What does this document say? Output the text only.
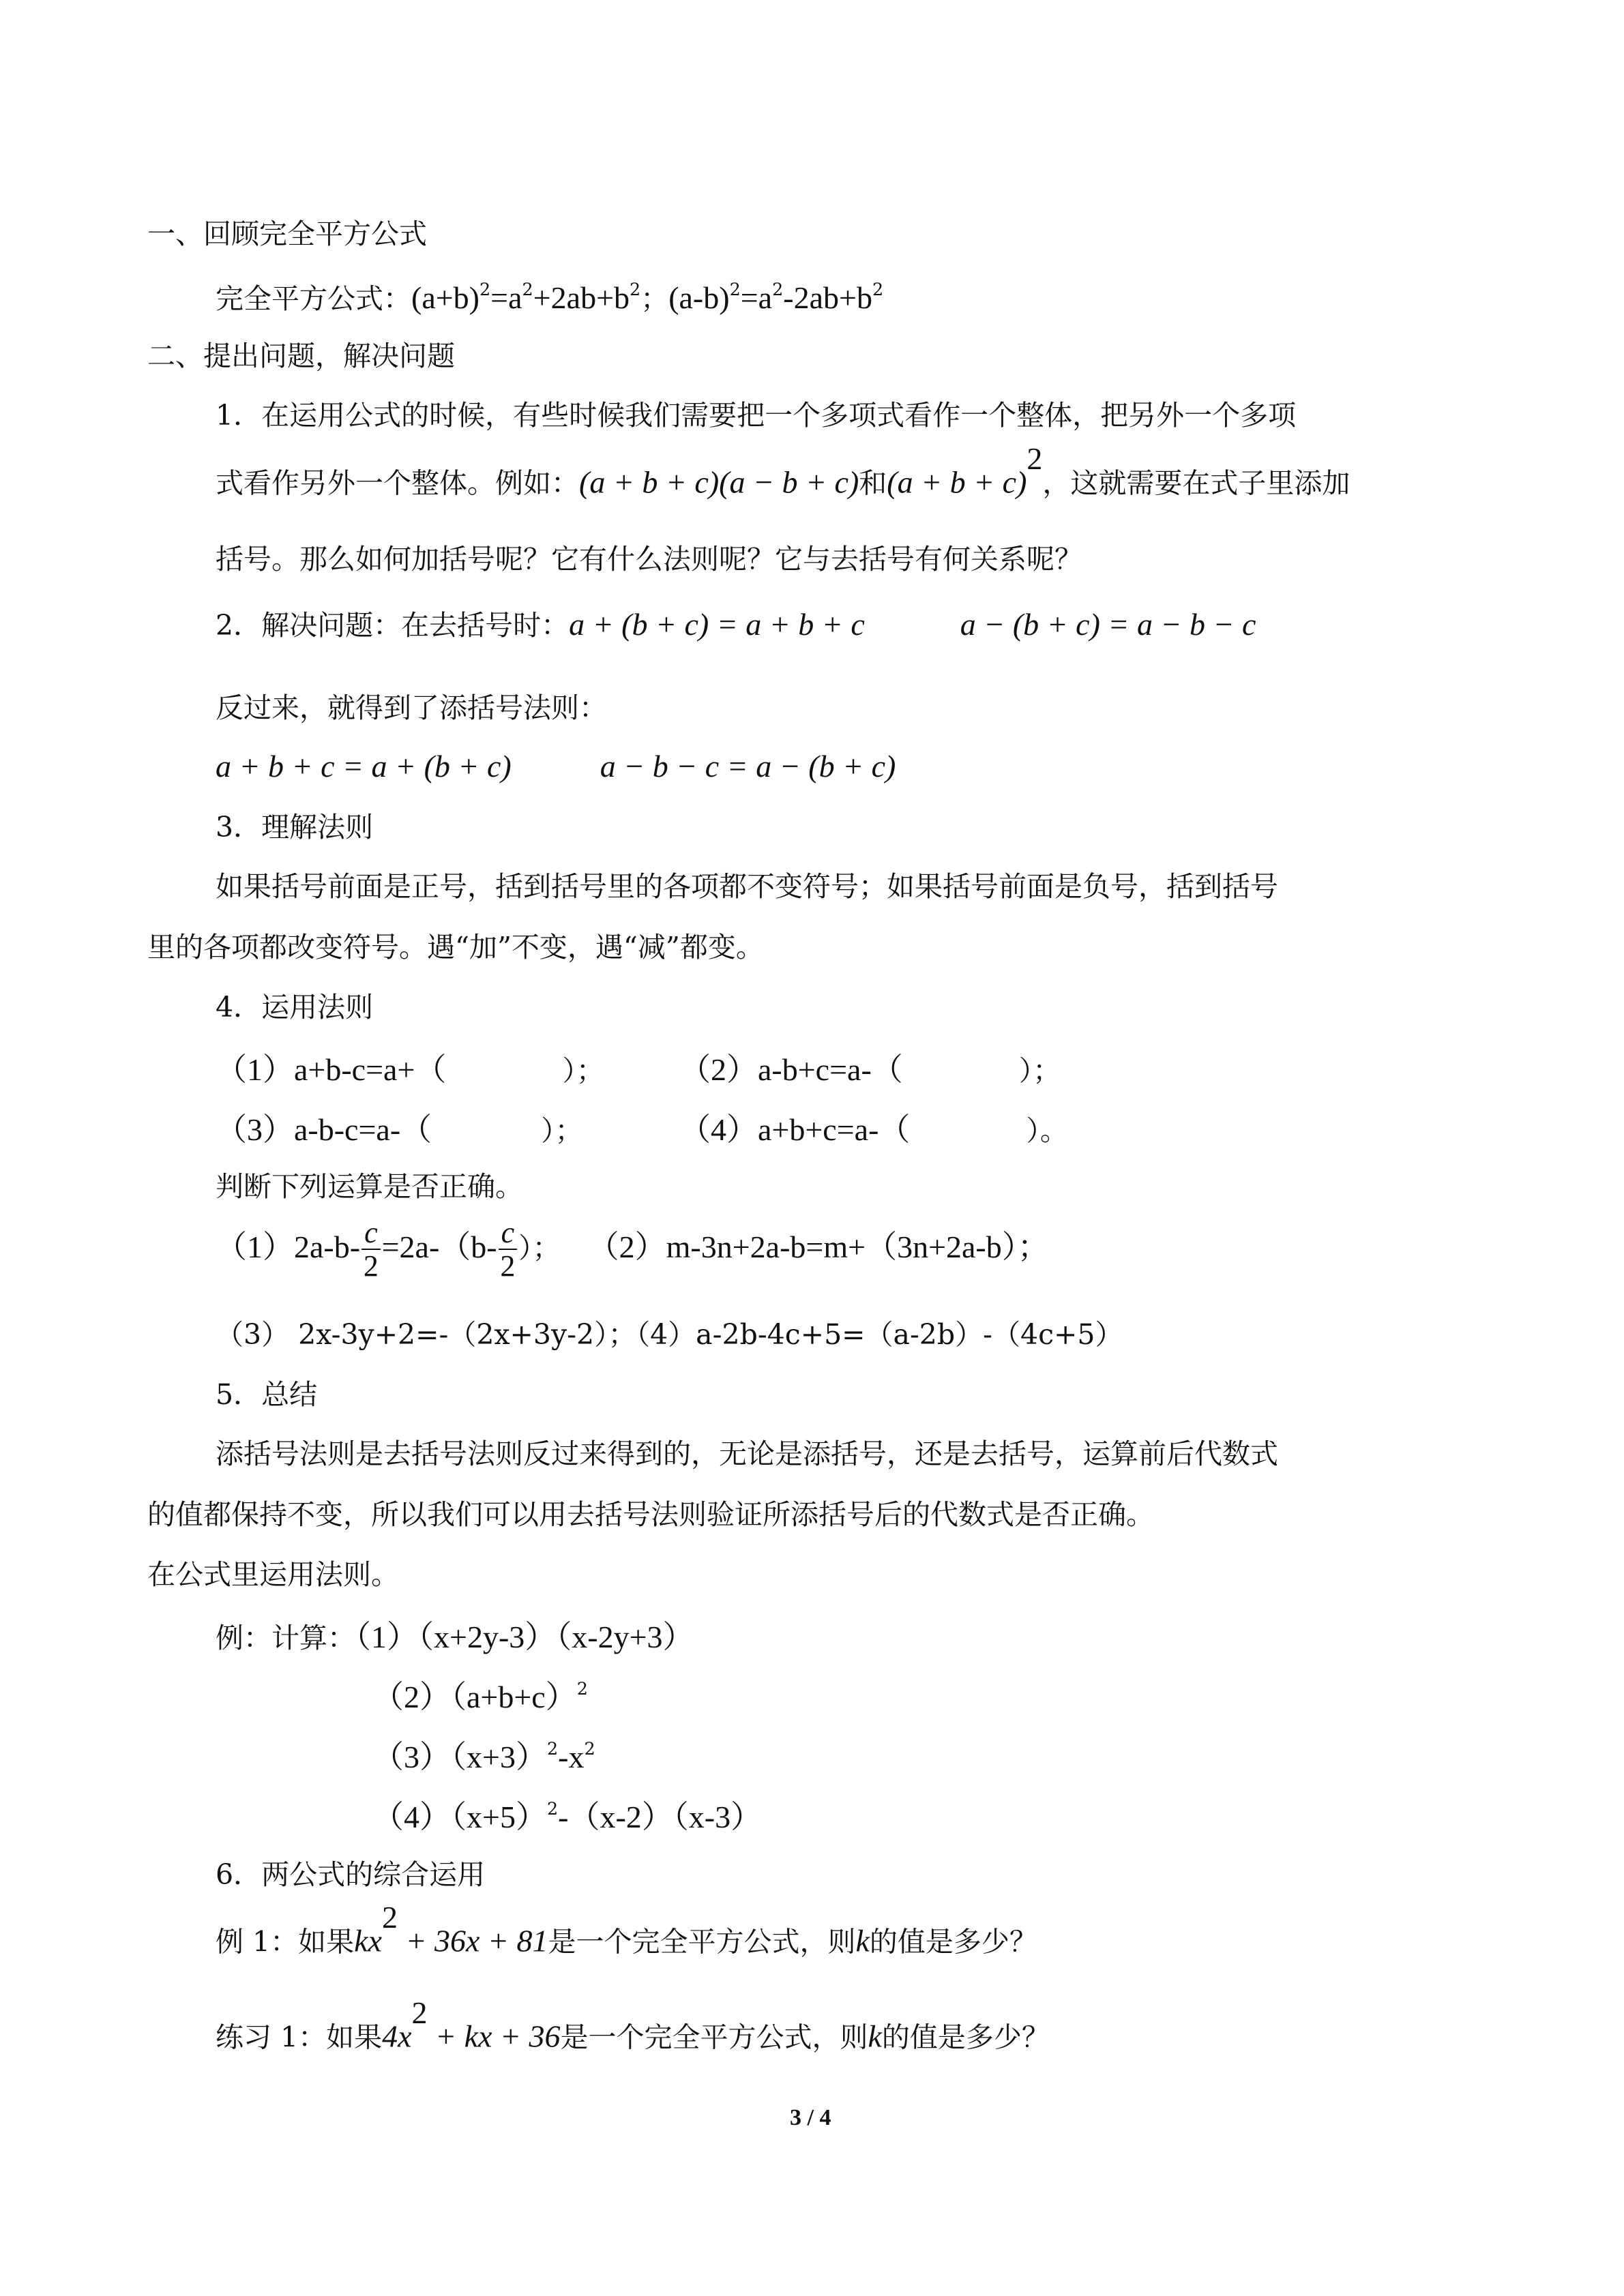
一、回顾完全平方公式
完全平方公式：$(a+b)^2=a^2+2ab+b^2$；$(a-b)^2=a^2-2ab+b^2$
二、提出问题，解决问题
1．在运用公式的时候，有些时候我们需要把一个多项式看作一个整体，把另外一个多项
式看作另外一个整体。例如：(a + b + c)(a − b + c)和$(a + b + c)^2$，这就需要在式子里添加
括号。那么如何加括号呢？它有什么法则呢？它与去括号有何关系呢？
2．解决问题：在去括号时：a + (b + c) = a + b + c	a − (b + c) = a − b − c
反过来，就得到了添括号法则：
a + b + c = a + (b + c)	a − b − c = a − (b + c)
3．理解法则
如果括号前面是正号，括到括号里的各项都不变符号；如果括号前面是负号，括到括号
里的各项都改变符号。遇“加”不变，遇“减”都变。
4．运用法则
（1）a+b-c=a+（	）； （2）a-b+c=a-（	）；
（3）a-b-c=a-（	）；	（4）a+b+c=a-（	）。
判断下列运算是否正确。
$(1)2a-b- \frac{c}{2} =2a-(b- \frac{c}{2}$ ）； （2）m-3n+2a-b=m+（3n+2a-b）；
（3） 2x-3y+2=-（2x+3y-2）；（4）a-2b-4c+5=（a-2b）-（4c+5）
5．总结
添括号法则是去括号法则反过来得到的，无论是添括号，还是去括号，运算前后代数式
的值都保持不变，所以我们可以用去括号法则验证所添括号后的代数式是否正确。
在公式里运用法则。
例：计算：（1）（x+2y-3）（x-2y+3）
$(2)(a+b+c)^2$
$(3)(x+3)^2-x^2$
$(4)(x+5)^2-(x-2)(x-3)$
6．两公式的综合运用
例 1：如果$kx^2 + 36x + 81$是一个完全平方公式，则k的值是多少？
练习 1：如果$4x^2$ + kx + 36是一个完全平方公式，则k的值是多少？
3 / 4
